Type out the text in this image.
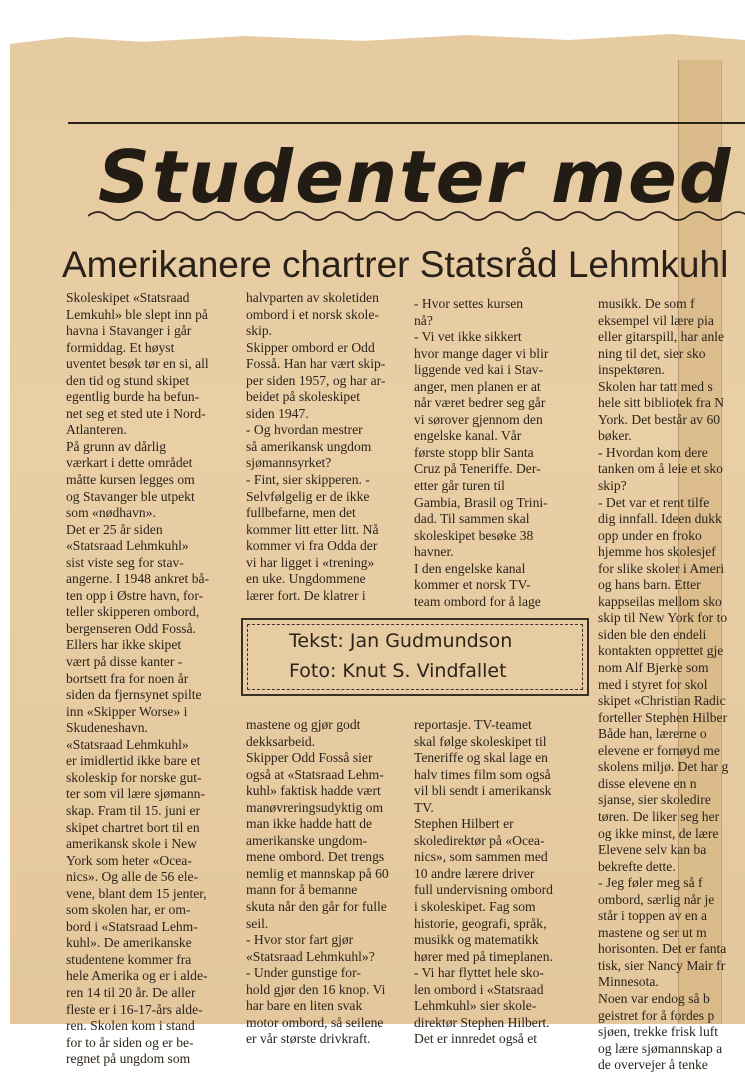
Studenter med
Amerikanere chartrer Statsråd Lehmkuhl

Skoleskipet «Statsraad

Lemkuhl» ble slept inn på

havna i Stavanger i går

formiddag. Et høyst

uventet besøk tør en si, all

den tid og stund skipet

egentlig burde ha befun-

net seg et sted ute i Nord-

Atlanteren.

På grunn av dårlig

værkart i dette området

måtte kursen legges om

og Stavanger ble utpekt

som «nødhavn».

Det er 25 år siden

«Statsraad Lehmkuhl»

sist viste seg for stav-

angerne. I 1948 ankret bå-

ten opp i Østre havn, for-

teller skipperen ombord,

bergenseren Odd Fosså.

Ellers har ikke skipet

vært på disse kanter -

bortsett fra for noen år

siden da fjernsynet spilte

inn «Skipper Worse» i

Skudeneshavn.

«Statsraad Lehmkuhl»

er imidlertid ikke bare et

skoleskip for norske gut-

ter som vil lære sjømann-

skap. Fram til 15. juni er

skipet chartret bort til en

amerikansk skole i New

York som heter «Ocea-

nics». Og alle de 56 ele-

vene, blant dem 15 jenter,

som skolen har, er om-

bord i «Statsraad Lehm-

kuhl». De amerikanske

studentene kommer fra

hele Amerika og er i alde-

ren 14 til 20 år. De aller

fleste er i 16-17-års alde-

ren. Skolen kom i stand

for to år siden og er be-

regnet på ungdom som

halvparten av skoletiden

ombord i et norsk skole-

skip.

Skipper ombord er Odd

Fosså. Han har vært skip-

per siden 1957, og har ar-

beidet på skoleskipet

siden 1947.

- Og hvordan mestrer

så amerikansk ungdom

sjømannsyrket?

- Fint, sier skipperen. -

Selvfølgelig er de ikke

fullbefarne, men det

kommer litt etter litt. Nå

kommer vi fra Odda der

vi har ligget i «trening»

en uke. Ungdommene

lærer fort. De klatrer i

- Hvor settes kursen

nå?

- Vi vet ikke sikkert

hvor mange dager vi blir

liggende ved kai i Stav-

anger, men planen er at

når været bedrer seg går

vi sørover gjennom den

engelske kanal. Vår

første stopp blir Santa

Cruz på Teneriffe. Der-

etter går turen til

Gambia, Brasil og Trini-

dad. Til sammen skal

skoleskipet besøke 38

havner.

I den engelske kanal

kommer et norsk TV-

team ombord for å lage

musikk. De som f

eksempel vil lære pia

eller gitarspill, har anle

ning til det, sier sko

inspektøren.

Skolen har tatt med s

hele sitt bibliotek fra N

York. Det består av 60

bøker.

- Hvordan kom dere

tanken om å leie et sko

skip?

- Det var et rent tilfe

dig innfall. Ideen dukk

opp under en froko

hjemme hos skolesjef

for slike skoler i Ameri

og hans barn. Etter

kappseilas mellom sko

skip til New York for to

siden ble den endeli

kontakten opprettet gje

nom Alf Bjerke som

med i styret for skol

skipet «Christian Radic

forteller Stephen Hilber

Både han, lærerne o

elevene er fornøyd me

skolens miljø. Det har g

disse elevene en n

sjanse, sier skoledire

tøren. De liker seg her

og ikke minst, de lære

Elevene selv kan ba

bekrefte dette.

- Jeg føler meg så f

ombord, særlig når je

står i toppen av en a

mastene og ser ut m

horisonten. Det er fanta

tisk, sier Nancy Mair fr

Minnesota.

Noen var endog så b

geistret for å fordes p

sjøen, trekke frisk luft

og lære sjømannskap a

de overvejer å tenke

Tekst: Jan Gudmundson
Foto: Knut S. Vindfallet

mastene og gjør godt

dekksarbeid.

Skipper Odd Fosså sier

også at «Statsraad Lehm-

kuhl» faktisk hadde vært

manøvreringsudyktig om

man ikke hadde hatt de

amerikanske ungdom-

mene ombord. Det trengs

nemlig et mannskap på 60

mann for å bemanne

skuta når den går for fulle

seil.

- Hvor stor fart gjør

«Statsraad Lehmkuhl»?

- Under gunstige for-

hold gjør den 16 knop. Vi

har bare en liten svak

motor ombord, så seilene

er vår største drivkraft.

reportasje. TV-teamet

skal følge skoleskipet til

Teneriffe og skal lage en

halv times film som også

vil bli sendt i amerikansk

TV.

Stephen Hilbert er

skoledirektør på «Ocea-

nics», som sammen med

10 andre lærere driver

full undervisning ombord

i skoleskipet. Fag som

historie, geografi, språk,

musikk og matematikk

hører med på timeplanen.

- Vi har flyttet hele sko-

len ombord i «Statsraad

Lehmkuhl» sier skole-

direktør Stephen Hilbert.

Det er innredet også et
